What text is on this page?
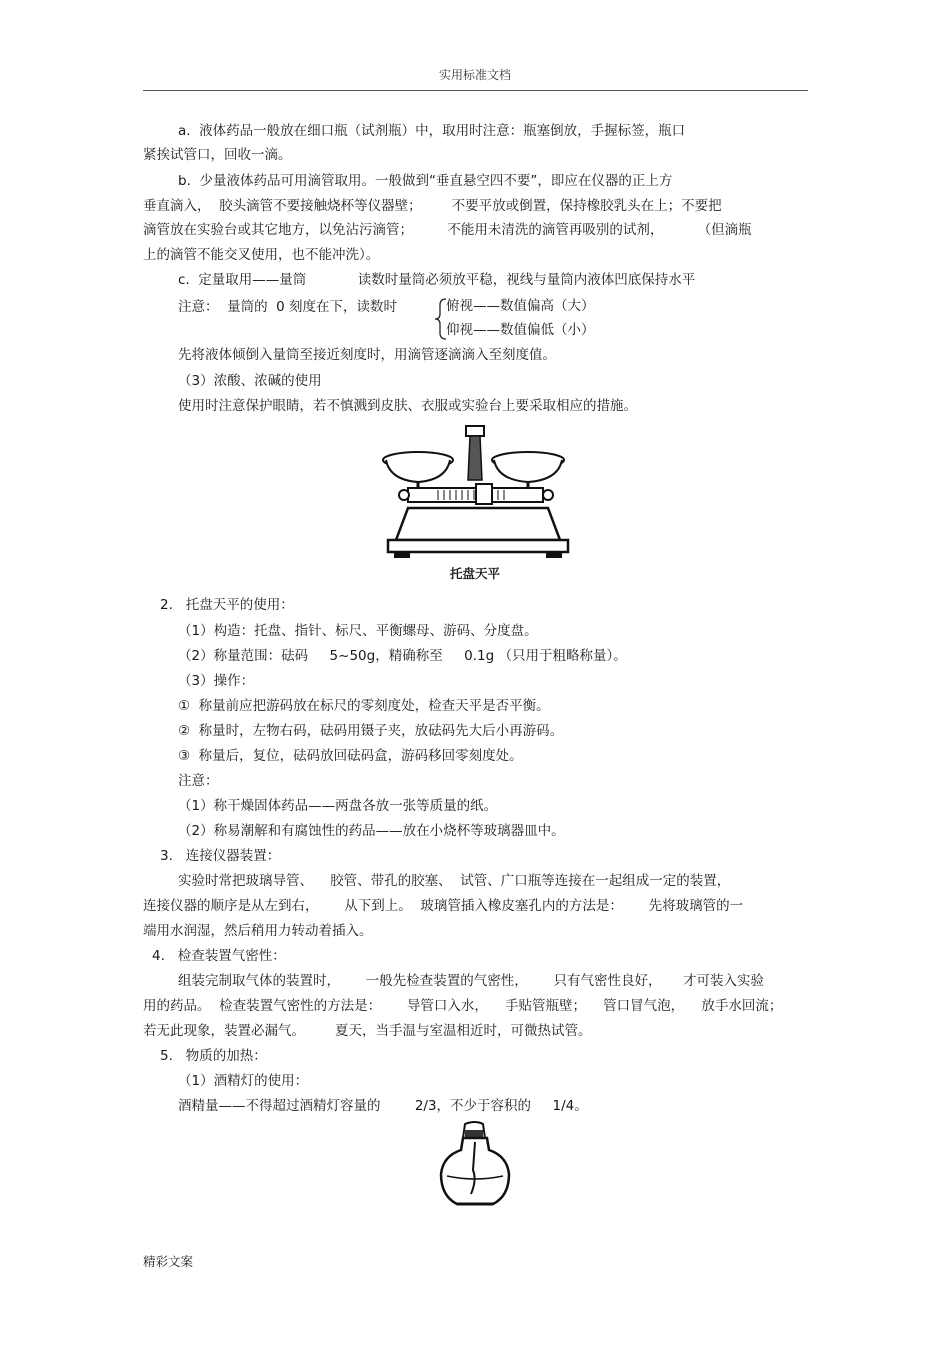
实用标准文档
a.  液体药品一般放在细口瓶（试剂瓶）中，取用时注意：瓶塞倒放，手握标签，瓶口
紧挨试管口，回收一滴。
b.  少量液体药品可用滴管取用。一般做到“垂直悬空四不要”，即应在仪器的正上方
垂直滴入，  胶头滴管不要接触烧杯等仪器壁；       不要平放或倒置，保持橡胶乳头在上；不要把
滴管放在实验台或其它地方，以免沾污滴管；        不能用未清洗的滴管再吸别的试剂，        （但滴瓶
上的滴管不能交叉使用，也不能冲洗）。
c.  定量取用——量筒            读数时量筒必须放平稳，视线与量筒内液体凹底保持水平
注意：  量筒的  0 刻度在下，读数时	俯视——数值偏高（大）
仰视——数值偏低（小）
先将液体倾倒入量筒至接近刻度时，用滴管逐滴滴入至刻度值。
（3）浓酸、浓碱的使用
使用时注意保护眼睛，若不慎溅到皮肤、衣服或实验台上要采取相应的措施。
2.   托盘天平的使用：
（1）构造：托盘、指针、标尺、平衡螺母、游码、分度盘。
（2）称量范围：砝码     5~50g，精确称至     0.1g （只用于粗略称量）。
（3）操作：
①  称量前应把游码放在标尺的零刻度处，检查天平是否平衡。
②  称量时，左物右码，砝码用镊子夹，放砝码先大后小再游码。
③  称量后，复位，砝码放回砝码盒，游码移回零刻度处。
注意：
（1）称干燥固体药品——两盘各放一张等质量的纸。
（2）称易潮解和有腐蚀性的药品——放在小烧杯等玻璃器皿中。
3.   连接仪器装置：
实验时常把玻璃导管、    胶管、带孔的胶塞、  试管、广口瓶等连接在一起组成一定的装置，
连接仪器的顺序是从左到右，      从下到上。  玻璃管插入橡皮塞孔内的方法是：      先将玻璃管的一
端用水润湿，然后稍用力转动着插入。
4.   检查装置气密性：
组装完制取气体的装置时，      一般先检查装置的气密性，      只有气密性良好，     才可装入实验
用的药品。  检查装置气密性的方法是：      导管口入水，    手贴管瓶壁；    管口冒气泡，    放手水回流；
若无此现象，装置必漏气。       夏天，当手温与室温相近时，可微热试管。
5.   物质的加热：
（1）酒精灯的使用：
酒精量——不得超过酒精灯容量的        2/3，不少于容积的     1/4。
托盘天平
精彩文案
